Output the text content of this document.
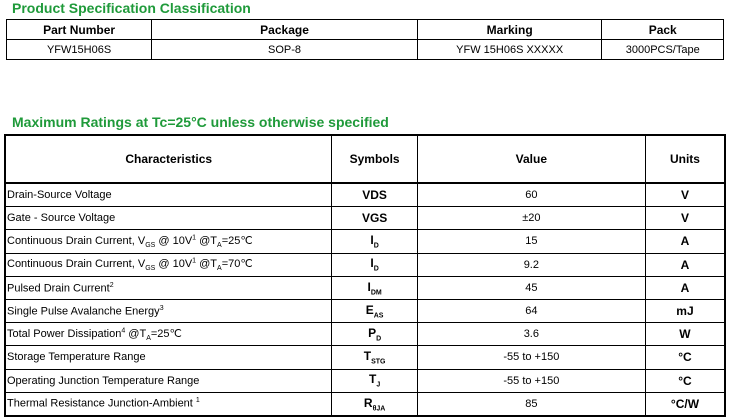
Product Specification Classification
Part Number	Package	Marking	Pack
YFW15H06S	SOP-8	YFW 15H06S XXXXX	3000PCS/Tape
Maximum Ratings at Tc=25°C unless otherwise specified
Characteristics	Symbols	Value	Units
Drain-Source Voltage	VDS	60	V
Gate - Source Voltage	VGS	±20	V
Continuous Drain Current, $V_{GS}$ @ $10V^1$ $@T_A=25℃$	$I_D$	15	A
Continuous Drain Current, $V_{GS}$ @ $10V^1$ $@T_A=70℃$	$I_D$	9.2	A
Pulsed Drain Current$^2$	$I_{DM}$	45	A
Single Pulse Avalanche Energy$^3$	$E_{AS}$	64	mJ
Total Power Dissipation$^4$ $@T_A=25℃$	$P_D$	3.6	W
Storage Temperature Range	$T_{STG}$	-55 to +150	°C
Operating Junction Temperature Range	$T_J$	-55 to +150	°C
Thermal Resistance Junction-Ambient $^1$	$R_{\theta JA}$	85	°C/W
